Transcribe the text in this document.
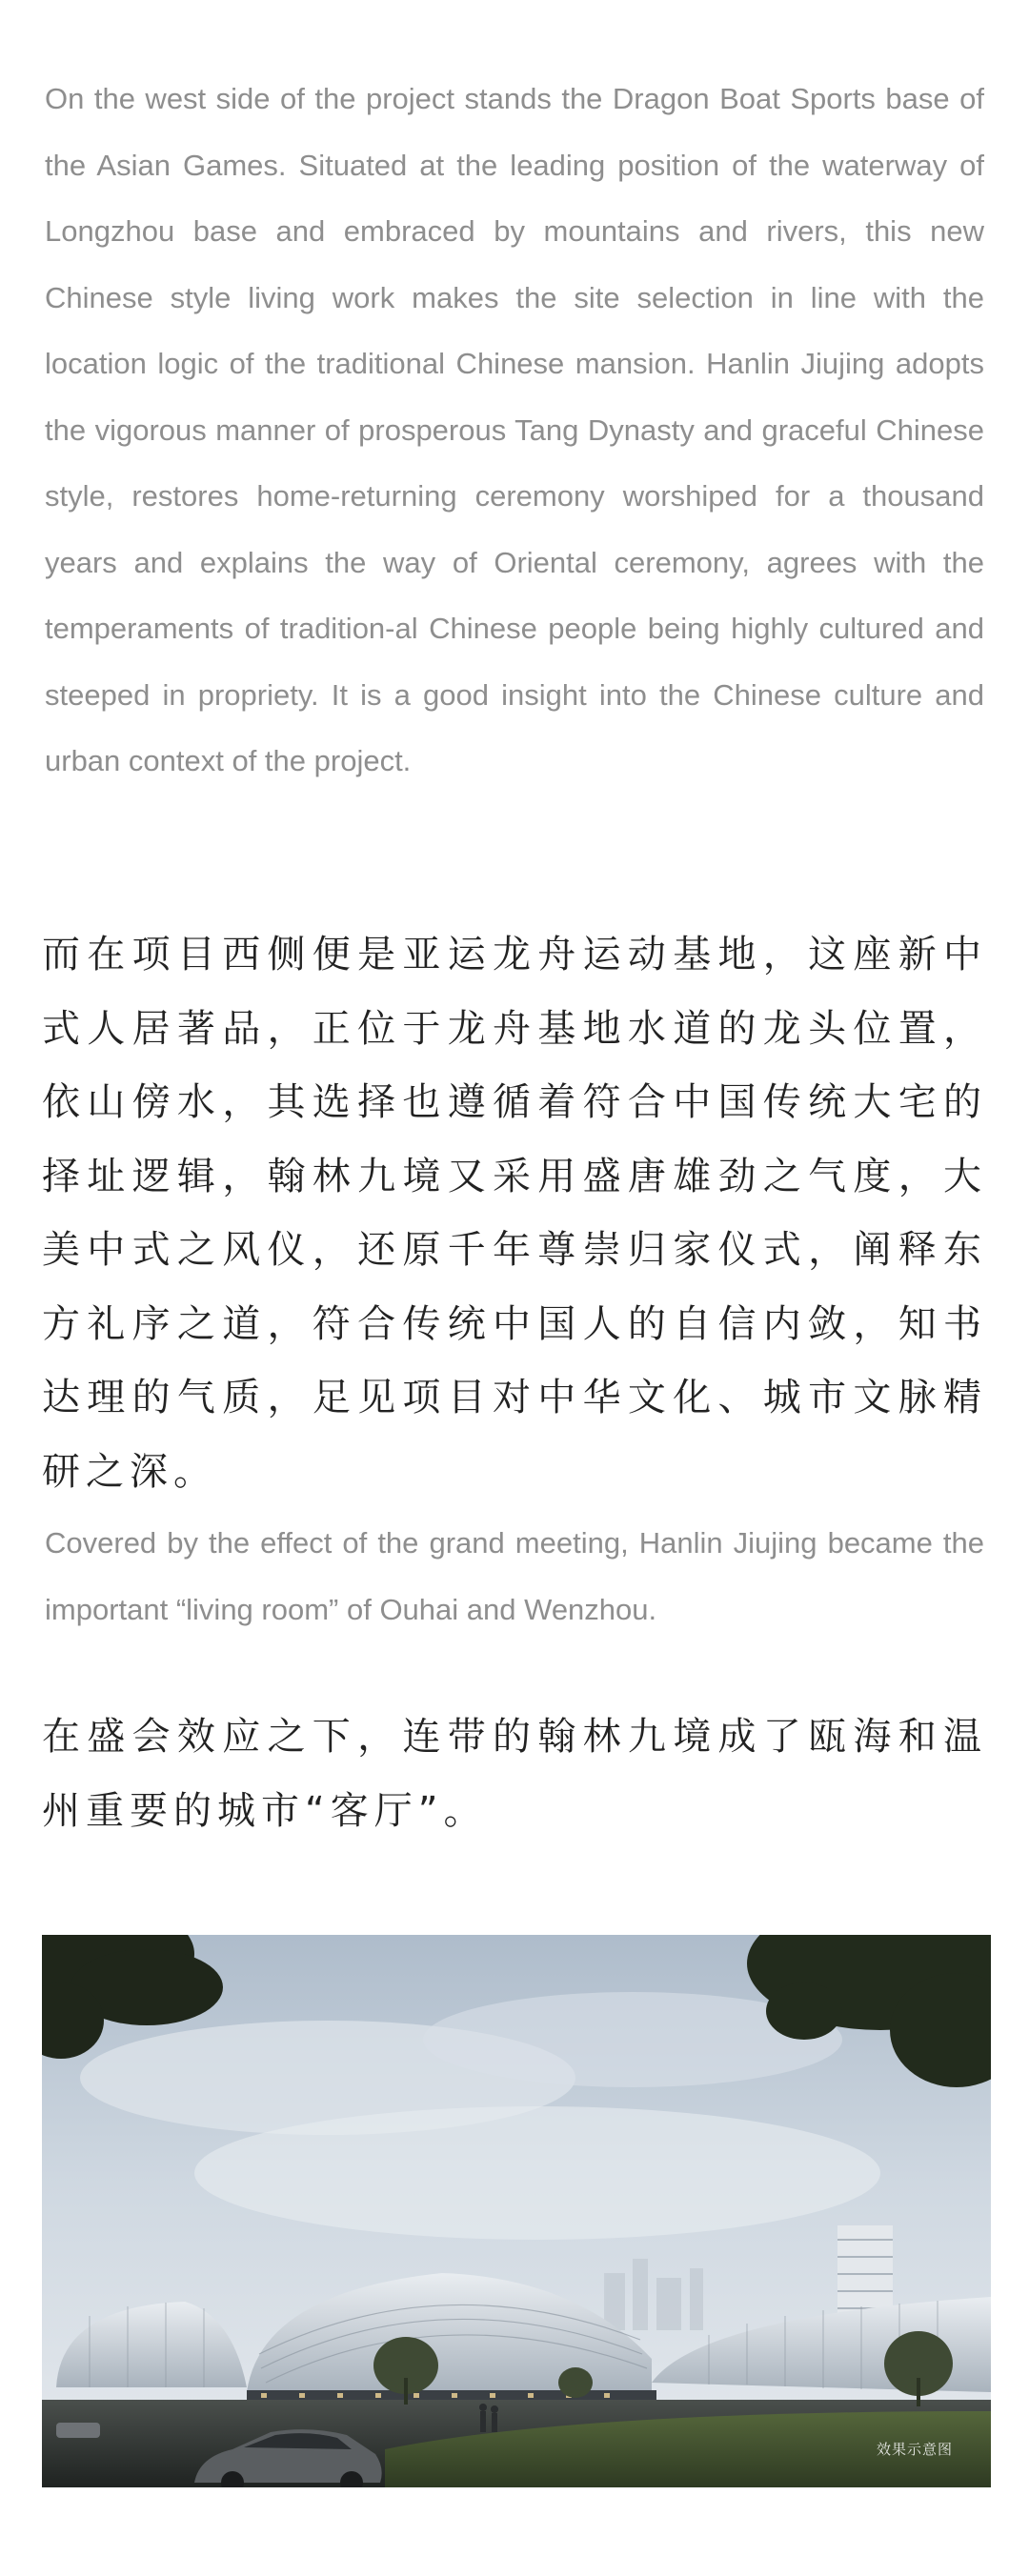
On the west side of the project stands the Dragon Boat Sports base of the Asian Games. Situated at the leading position of the waterway of Longzhou base and embraced by mountains and rivers, this new Chinese style living work makes the site selection in line with the location logic of the traditional Chinese mansion. Hanlin Jiujing adopts the vigorous manner of prosperous Tang Dynasty and graceful Chinese style, restores home-returning ceremony worshiped for a thousand years and explains the way of Oriental ceremony, agrees with the temperaments of tradition-al Chinese people being highly cultured and steeped in propriety. It is a good insight into the Chinese culture and urban context of the project.

而在项目西侧便是亚运龙舟运动基地，这座新中式人居著品，正位于龙舟基地水道的龙头位置，依山傍水，其选择也遵循着符合中国传统大宅的择址逻辑，翰林九境又采用盛唐雄劲之气度，大美中式之风仪，还原千年尊崇归家仪式，阐释东方礼序之道，符合传统中国人的自信内敛，知书达理的气质，足见项目对中华文化、城市文脉精研之深。

Covered by the effect of the grand meeting, Hanlin Jiujing became the important “living room” of Ouhai and Wenzhou.

在盛会效应之下，连带的翰林九境成了瓯海和温州重要的城市“客厅”。

效果示意图
